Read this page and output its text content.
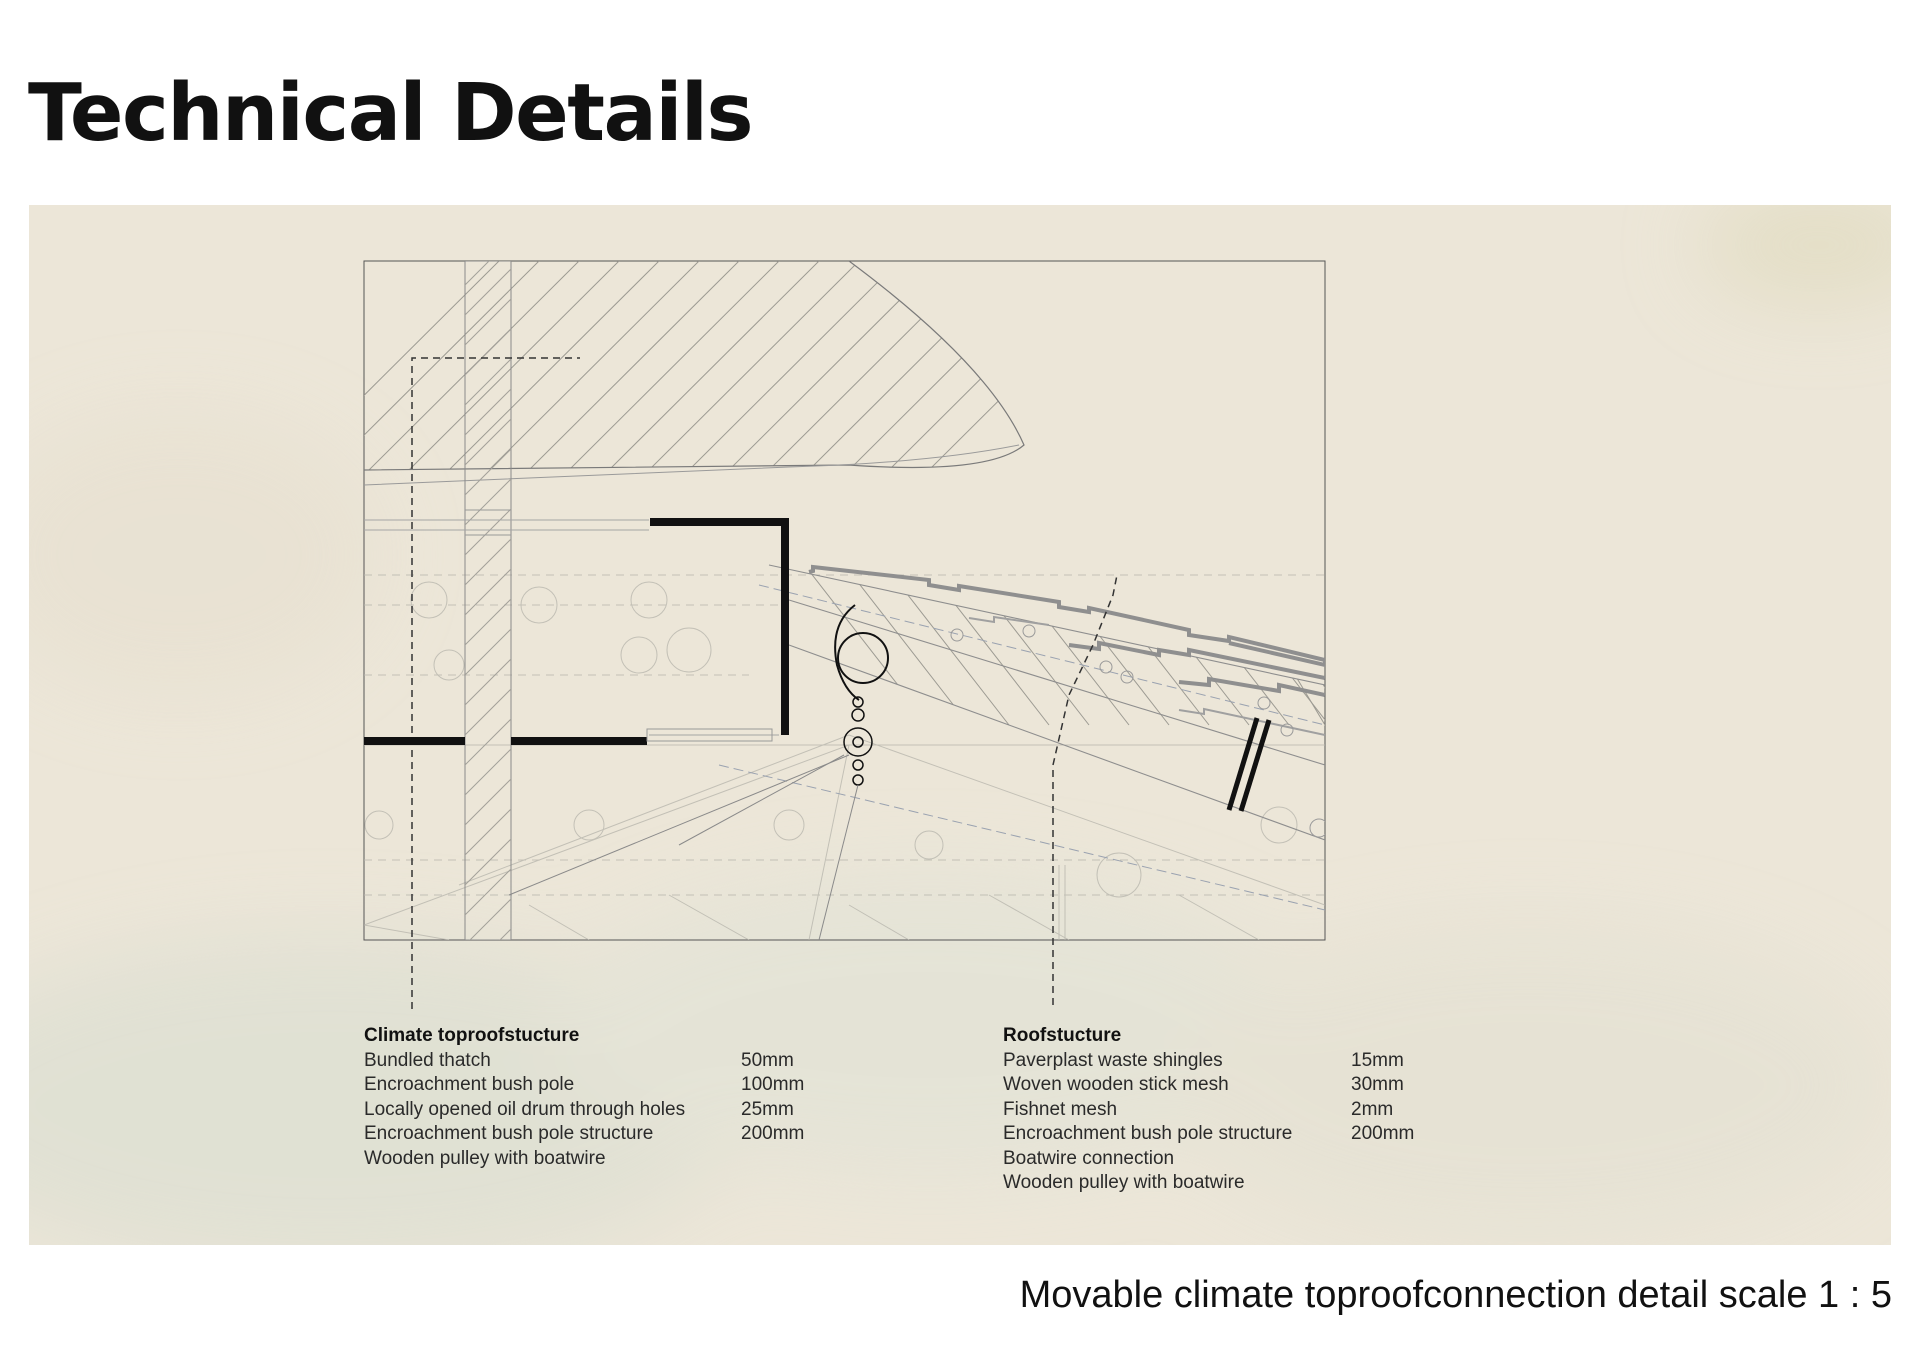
Technical Details
Climate toproofstucture
Bundled thatch	50mm
Encroachment bush pole	100mm
Locally opened oil drum through holes	25mm
Encroachment bush pole structure	200mm
Wooden pulley with boatwire
Roofstucture
Paverplast waste shingles	15mm
Woven wooden stick mesh	30mm
Fishnet mesh	2mm
Encroachment bush pole structure	200mm
Boatwire connection
Wooden pulley with boatwire

Movable climate toproofconnection detail scale 1 : 5
